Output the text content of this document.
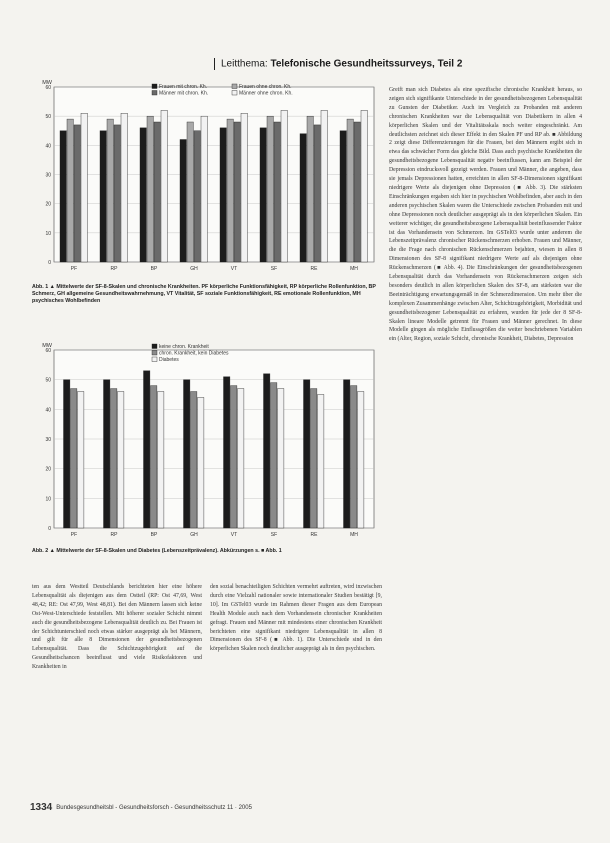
Leitthema: Telefonische Gesundheitssurveys, Teil 2
0
10
20
30
40
50
60
MW
PF	RP	BP	GH	VT	SF	RE	MH
Frauen mit chron. Kh.	Frauen ohne chron. Kh.
Männer mit chron. Kh.	Männer ohne chron. Kh.
Abb. 1 ▲ Mittelwerte der SF-8-Skalen und chronische Krankheiten. PF körperliche Funktionsfähigkeit, RP körperliche Rollenfunktion, BP Schmerz, GH allgemeine Gesundheitswahrnehmung, VT Vitalität, SF soziale Funktionsfähigkeit, RE emotionale Rollenfunktion, MH psychisches Wohlbefinden
0
10
20
30
40
50
60
MW
PF	RP	BP	GH	VT	SF	RE	MH
keine chron. Krankheit
chron. Krankheit, kein Diabetes
Diabetes
Abb. 2 ▲ Mittelwerte der SF-8-Skalen und Diabetes (Lebenszeitprävalenz). Abkürzungen s. ■ Abb. 1

Greift man sich Diabetes als eine spezifische chronische Krankheit heraus, so zeigen sich signifikante Unterschiede in der gesundheitsbezogenen Lebensqualität zu Gunsten der Diabetiker. Auch im Vergleich zu Probanden mit anderen chronischen Krankheiten war die Lebensqualität von Diabetikern in allen 4 körperlichen Skalen und der Vitalitätsskala noch weiter eingeschränkt. Am deutlichsten zeichnet sich dieser Effekt in den Skalen PF und RP ab. ■ Abbildung 2 zeigt diese Differenzierungen für die Frauen, bei den Männern ergibt sich in etwa das schwächer Form das gleiche Bild. Dass auch psychische Krankheiten die gesundheitsbezogene Lebensqualität negativ beeinflussen, kann am Beispiel der Depression eindrucksvoll gezeigt werden. Frauen und Männer, die angeben, dass sie jemals Depressionen hatten, erreichten in allen SF-8-Dimensionen signifikant niedrigere Werte als diejenigen ohne Depression (■ Abb. 3). Die stärksten Einschränkungen ergaben sich hier in psychischen Wohlbefinden, aber auch in den anderen psychischen Skalen waren die Unterschiede zwischen Probanden mit und ohne Depressionen noch deutlicher ausgeprägt als in den körperlichen Skalen. Ein weiterer wichtiger, die gesundheitsbezogene Lebensqualität beeinflussender Faktor ist das Vorhandensein von Schmerzen. Im GSTel03 wurde unter anderem die Lebenszeitprävalenz chronischer Rückenschmerzen erhoben. Frauen und Männer, die die Frage nach chronischen Rückenschmerzen bejahten, wiesen in allen 8 Dimensionen des SF-8 signifikant niedrigere Werte auf als diejenigen ohne Rückenschmerzen (■ Abb. 4). Die Einschränkungen der gesundheitsbezogenen Lebensqualität durch das Vorhandensein von Rückenschmerzen zeigen sich besonders deutlich in allen körperlichen Skalen des SF-8, am stärksten war die Beeinträchtigung erwartungsgemäß in der Schmerzdimension. Um mehr über die komplexen Zusammenhänge zwischen Alter, Schichtzugehörigkeit, Morbidität und gesundheitsbezogener Lebensqualität zu erfahren, wurden für jede der 8 SF-8-Skalen lineare Modelle getrennt für Frauen und Männer gerechnet. In diese Modelle gingen als mögliche Einflussgrößen die weiter beschriebenen Variablen ein (Alter, Region, soziale Schicht, chronische Krankheit, Diabetes, Depression

ten aus dem Westteil Deutschlands berichteten hier eine höhere Lebensqualität als diejenigen aus dem Ostteil (RP: Ost 47,69, West 48,42; RE: Ost 47,99, West 48,81). Bei den Männern lassen sich keine Ost-West-Unterschiede feststellen. Mit höherer sozialer Schicht nimmt auch die gesundheitsbezogene Lebensqualität deutlich zu. Bei Frauen ist der Schichtunterschied noch etwas stärker ausgeprägt als bei Männern, und gilt für alle 8 Dimensionen der gesundheitsbezogenen Lebensqualität. Dass die Schichtzugehörigkeit auf die Gesundheitschancen beeinflusst und viele Risikofaktoren und Krankheiten in

den sozial benachteiligten Schichten vermehrt auftreten, wird inzwischen durch eine Vielzahl nationaler sowie internationaler Studien bestätigt [9, 10]. Im GSTel03 wurde im Rahmen dieser Fragen aus dem European Health Module auch nach dem Vorhandensein chronischer Krankheiten gefragt. Frauen und Männer mit mindestens einer chronischen Krankheit berichteten eine signifikant niedrigere Lebensqualität in allen 8 Dimensionen des SF-8 (■ Abb. 1). Die Unterschiede sind in den körperlichen Skalen noch deutlicher ausgeprägt als in den psychischen.

1334 Bundesgesundheitsbl - Gesundheitsforsch - Gesundheitsschutz 11 · 2005
